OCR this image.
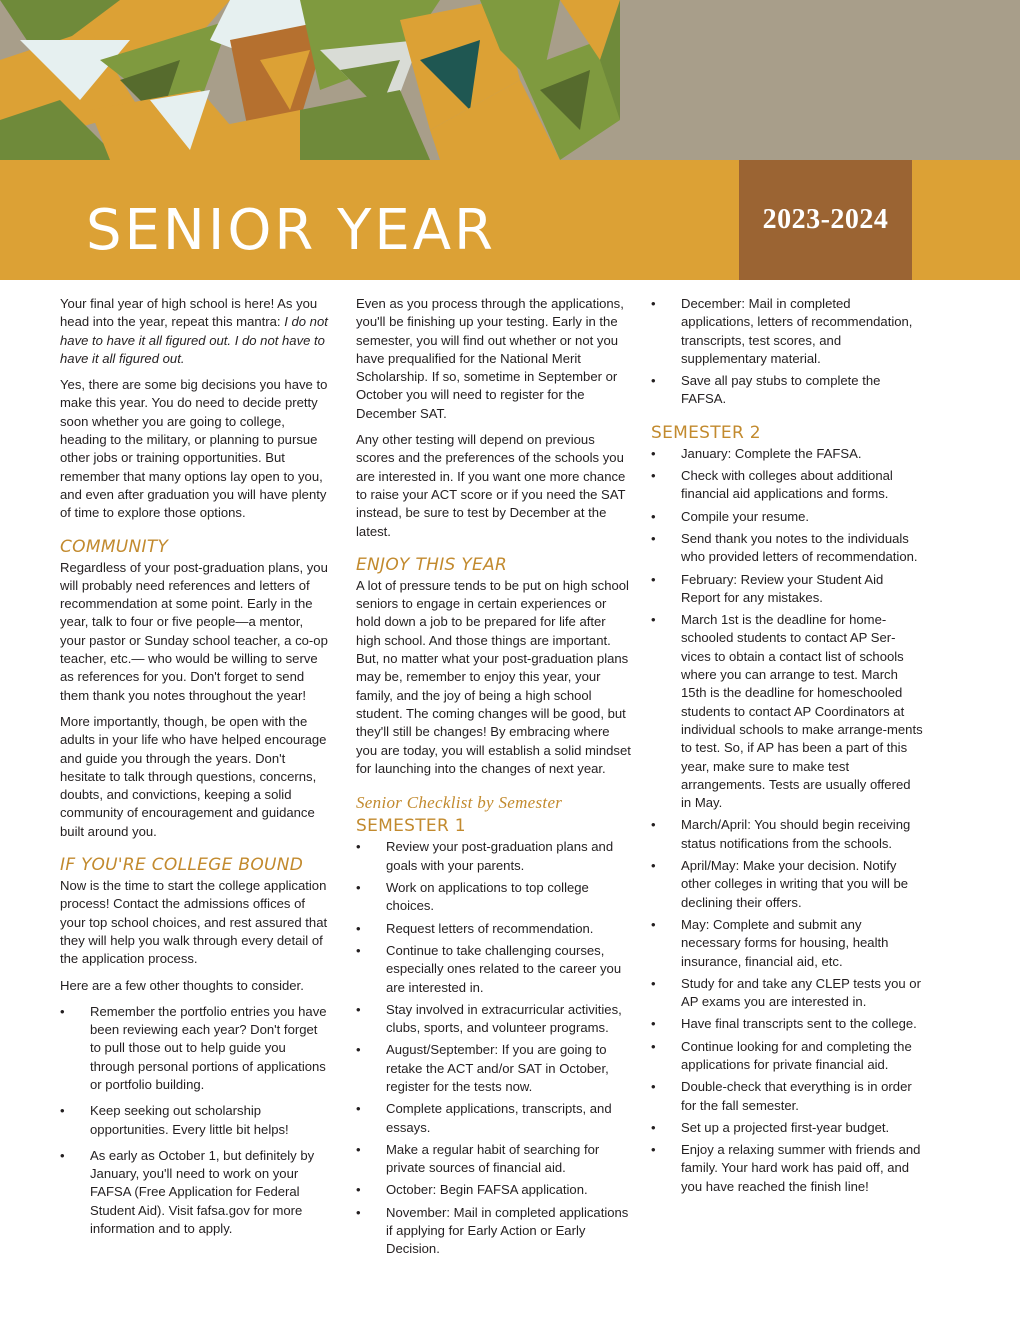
SENIOR YEAR	2023-2024

Your final year of high school is here! As you head into the year, repeat this mantra: I do not have to have it all figured out. I do not have to have it all figured out.

Yes, there are some big decisions you have to make this year. You do need to decide pretty soon whether you are going to college, heading to the military, or planning to pursue other jobs or training opportunities. But remember that many options lay open to you, and even after graduation you will have plenty of time to explore those options.

COMMUNITY

Regardless of your post-graduation plans, you will probably need references and letters of recommendation at some point. Early in the year, talk to four or five people—a mentor, your pastor or Sunday school teacher, a co-op teacher, etc.— who would be willing to serve as references for you. Don't forget to send them thank you notes throughout the year!

More importantly, though, be open with the adults in your life who have helped encourage and guide you through the years. Don't hesitate to talk through questions, concerns, doubts, and convictions, keeping a solid community of encouragement and guidance built around you.

IF YOU'RE COLLEGE BOUND

Now is the time to start the college application process! Contact the admissions offices of your top school choices, and rest assured that they will help you walk through every detail of the application process.

Here are a few other thoughts to consider.

• Remember the portfolio entries you have been reviewing each year? Don't forget to pull those out to help guide you through personal portions of applications or portfolio building.
• Keep seeking out scholarship opportunities. Every little bit helps!
• As early as October 1, but definitely by January, you'll need to work on your FAFSA (Free Application for Federal Student Aid). Visit fafsa.gov for more information and to apply.

Even as you process through the applications, you'll be finishing up your testing. Early in the semester, you will find out whether or not you have prequalified for the National Merit Scholarship. If so, sometime in September or October you will need to register for the December SAT.

Any other testing will depend on previous scores and the preferences of the schools you are interested in. If you want one more chance to raise your ACT score or if you need the SAT instead, be sure to test by December at the latest.

ENJOY THIS YEAR

A lot of pressure tends to be put on high school seniors to engage in certain experiences or hold down a job to be prepared for life after high school. And those things are important. But, no matter what your post-graduation plans may be, remember to enjoy this year, your family, and the joy of being a high school student. The coming changes will be good, but they'll still be changes! By embracing where you are today, you will establish a solid mindset for launching into the changes of next year.

Senior Checklist by Semester
SEMESTER 1
• Review your post-graduation plans and goals with your parents.
• Work on applications to top college choices.
• Request letters of recommendation.
• Continue to take challenging courses, especially ones related to the career you are interested in.
• Stay involved in extracurricular activities, clubs, sports, and volunteer programs.
• August/September: If you are going to retake the ACT and/or SAT in October, register for the tests now.
• Complete applications, transcripts, and essays.
• Make a regular habit of searching for private sources of financial aid.
• October: Begin FAFSA application.
• November: Mail in completed applications if applying for Early Action or Early Decision.
• December: Mail in completed applications, letters of recommendation, transcripts, test scores, and supplementary material.
• Save all pay stubs to complete the FAFSA.
SEMESTER 2
• January: Complete the FAFSA.
• Check with colleges about additional financial aid applications and forms.
• Compile your resume.
• Send thank you notes to the individuals who provided letters of recommendation.
• February: Review your Student Aid Report for any mistakes.
• March 1st is the deadline for home-schooled students to contact AP Ser-vices to obtain a contact list of schools where you can arrange to test. March 15th is the deadline for homeschooled students to contact AP Coordinators at individual schools to make arrange-ments to test. So, if AP has been a part of this year, make sure to make test arrangements. Tests are usually offered in May.
• March/April: You should begin receiving status notifications from the schools.
• April/May: Make your decision. Notify other colleges in writing that you will be declining their offers.
• May: Complete and submit any necessary forms for housing, health insurance, financial aid, etc.
• Study for and take any CLEP tests you or AP exams you are interested in.
• Have final transcripts sent to the college.
• Continue looking for and completing the applications for private financial aid.
• Double-check that everything is in order for the fall semester.
• Set up a projected first-year budget.
• Enjoy a relaxing summer with friends and family. Your hard work has paid off, and you have reached the finish line!
